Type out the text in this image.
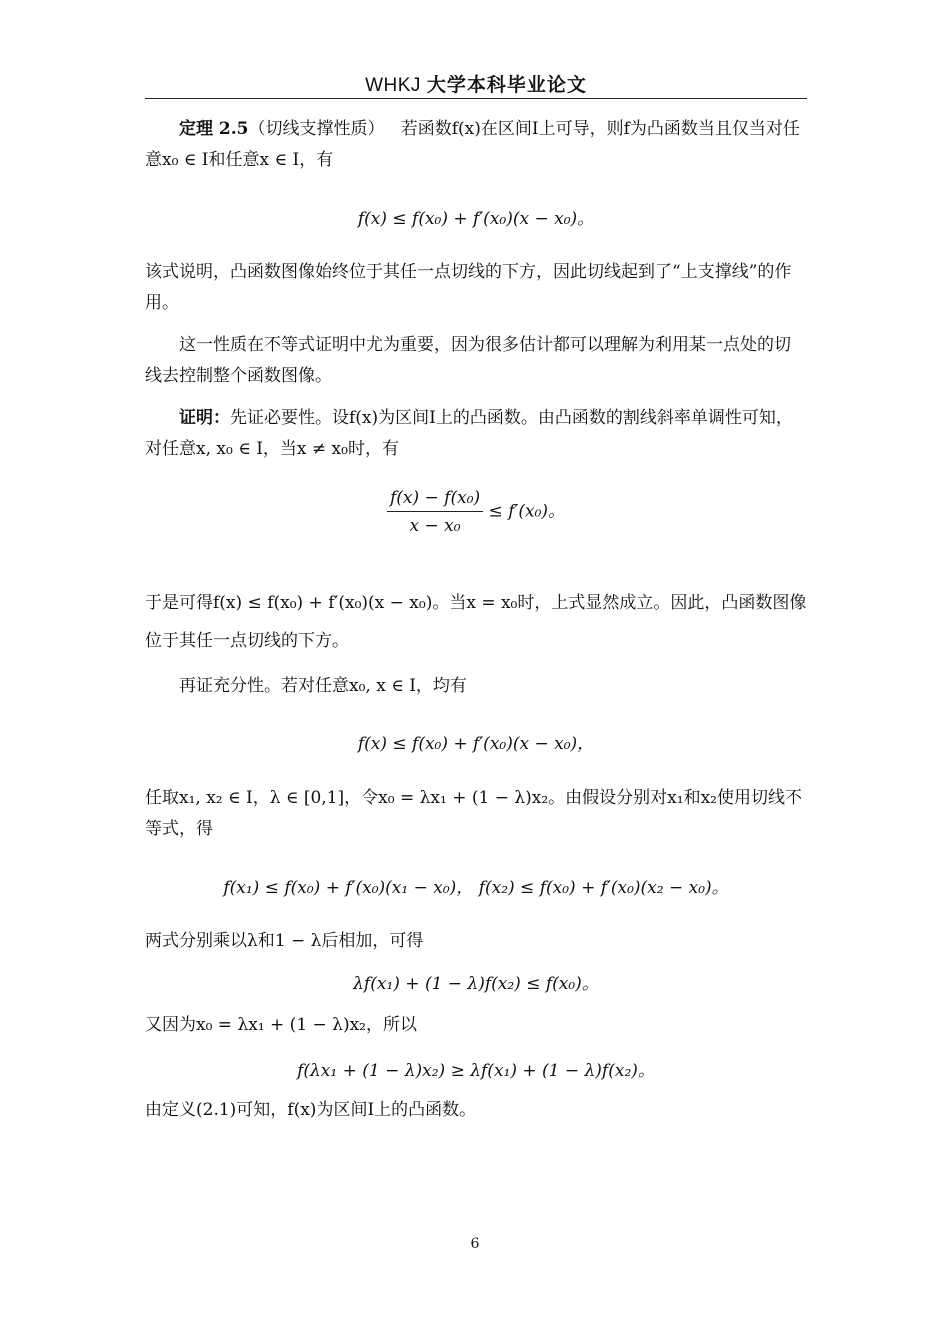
WHKJ 大学本科毕业论文

定理 2.5（切线支撑性质） 若函数f(x)在区间I上可导，则f为凸函数当且仅当对任意x₀ ∈ I和任意x ∈ I，有

f(x) ≤ f(x₀) + f′(x₀)(x − x₀)。

该式说明，凸函数图像始终位于其任一点切线的下方，因此切线起到了“上支撑线”的作用。

这一性质在不等式证明中尤为重要，因为很多估计都可以理解为利用某一点处的切线去控制整个函数图像。

证明：先证必要性。设f(x)为区间I上的凸函数。由凸函数的割线斜率单调性可知，对任意x, x₀ ∈ I，当x ≠ x₀时，有

$\frac{\text{f(x) − f(x₀)}}{\text{x − x₀}} \le f'(x_0)$。

于是可得f(x) ≤ f(x₀) + f′(x₀)(x − x₀)。当x = x₀时，上式显然成立。因此，凸函数图像位于其任一点切线的下方。

再证充分性。若对任意x₀, x ∈ I，均有

f(x) ≤ f(x₀) + f′(x₀)(x − x₀)，

任取x₁, x₂ ∈ I，λ ∈ [0,1]，令x₀ = λx₁ + (1 − λ)x₂。由假设分别对x₁和x₂使用切线不等式，得

f(x₁) ≤ f(x₀) + f′(x₀)(x₁ − x₀)， f(x₂) ≤ f(x₀) + f′(x₀)(x₂ − x₀)。

两式分别乘以λ和1 − λ后相加，可得

λf(x₁) + (1 − λ)f(x₂) ≤ f(x₀)。

又因为x₀ = λx₁ + (1 − λ)x₂，所以

f(λx₁ + (1 − λ)x₂) ≥ λf(x₁) + (1 − λ)f(x₂)。

由定义(2.1)可知，f(x)为区间I上的凸函数。

6
